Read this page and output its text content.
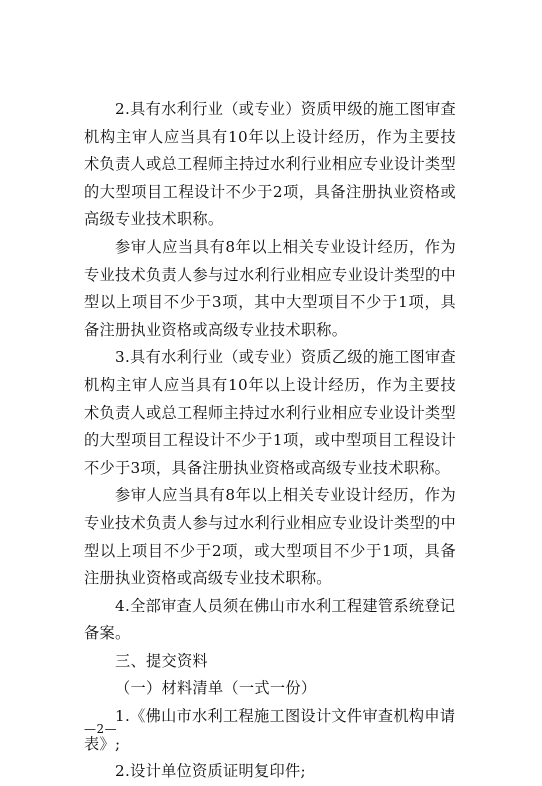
2.具有水利行业（或专业）资质甲级的施工图审查机构主审人应当具有10年以上设计经历，作为主要技术负责人或总工程师主持过水利行业相应专业设计类型的大型项目工程设计不少于2项，具备注册执业资格或高级专业技术职称。

参审人应当具有8年以上相关专业设计经历，作为专业技术负责人参与过水利行业相应专业设计类型的中型以上项目不少于3项，其中大型项目不少于1项，具备注册执业资格或高级专业技术职称。

3.具有水利行业（或专业）资质乙级的施工图审查机构主审人应当具有10年以上设计经历，作为主要技术负责人或总工程师主持过水利行业相应专业设计类型的大型项目工程设计不少于1项，或中型项目工程设计不少于3项，具备注册执业资格或高级专业技术职称。

参审人应当具有8年以上相关专业设计经历，作为专业技术负责人参与过水利行业相应专业设计类型的中型以上项目不少于2项，或大型项目不少于1项，具备注册执业资格或高级专业技术职称。

4.全部审查人员须在佛山市水利工程建管系统登记备案。

三、提交资料

（一）材料清单（一式一份）

1.《佛山市水利工程施工图设计文件审查机构申请表》;

2.设计单位资质证明复印件;

—2—
